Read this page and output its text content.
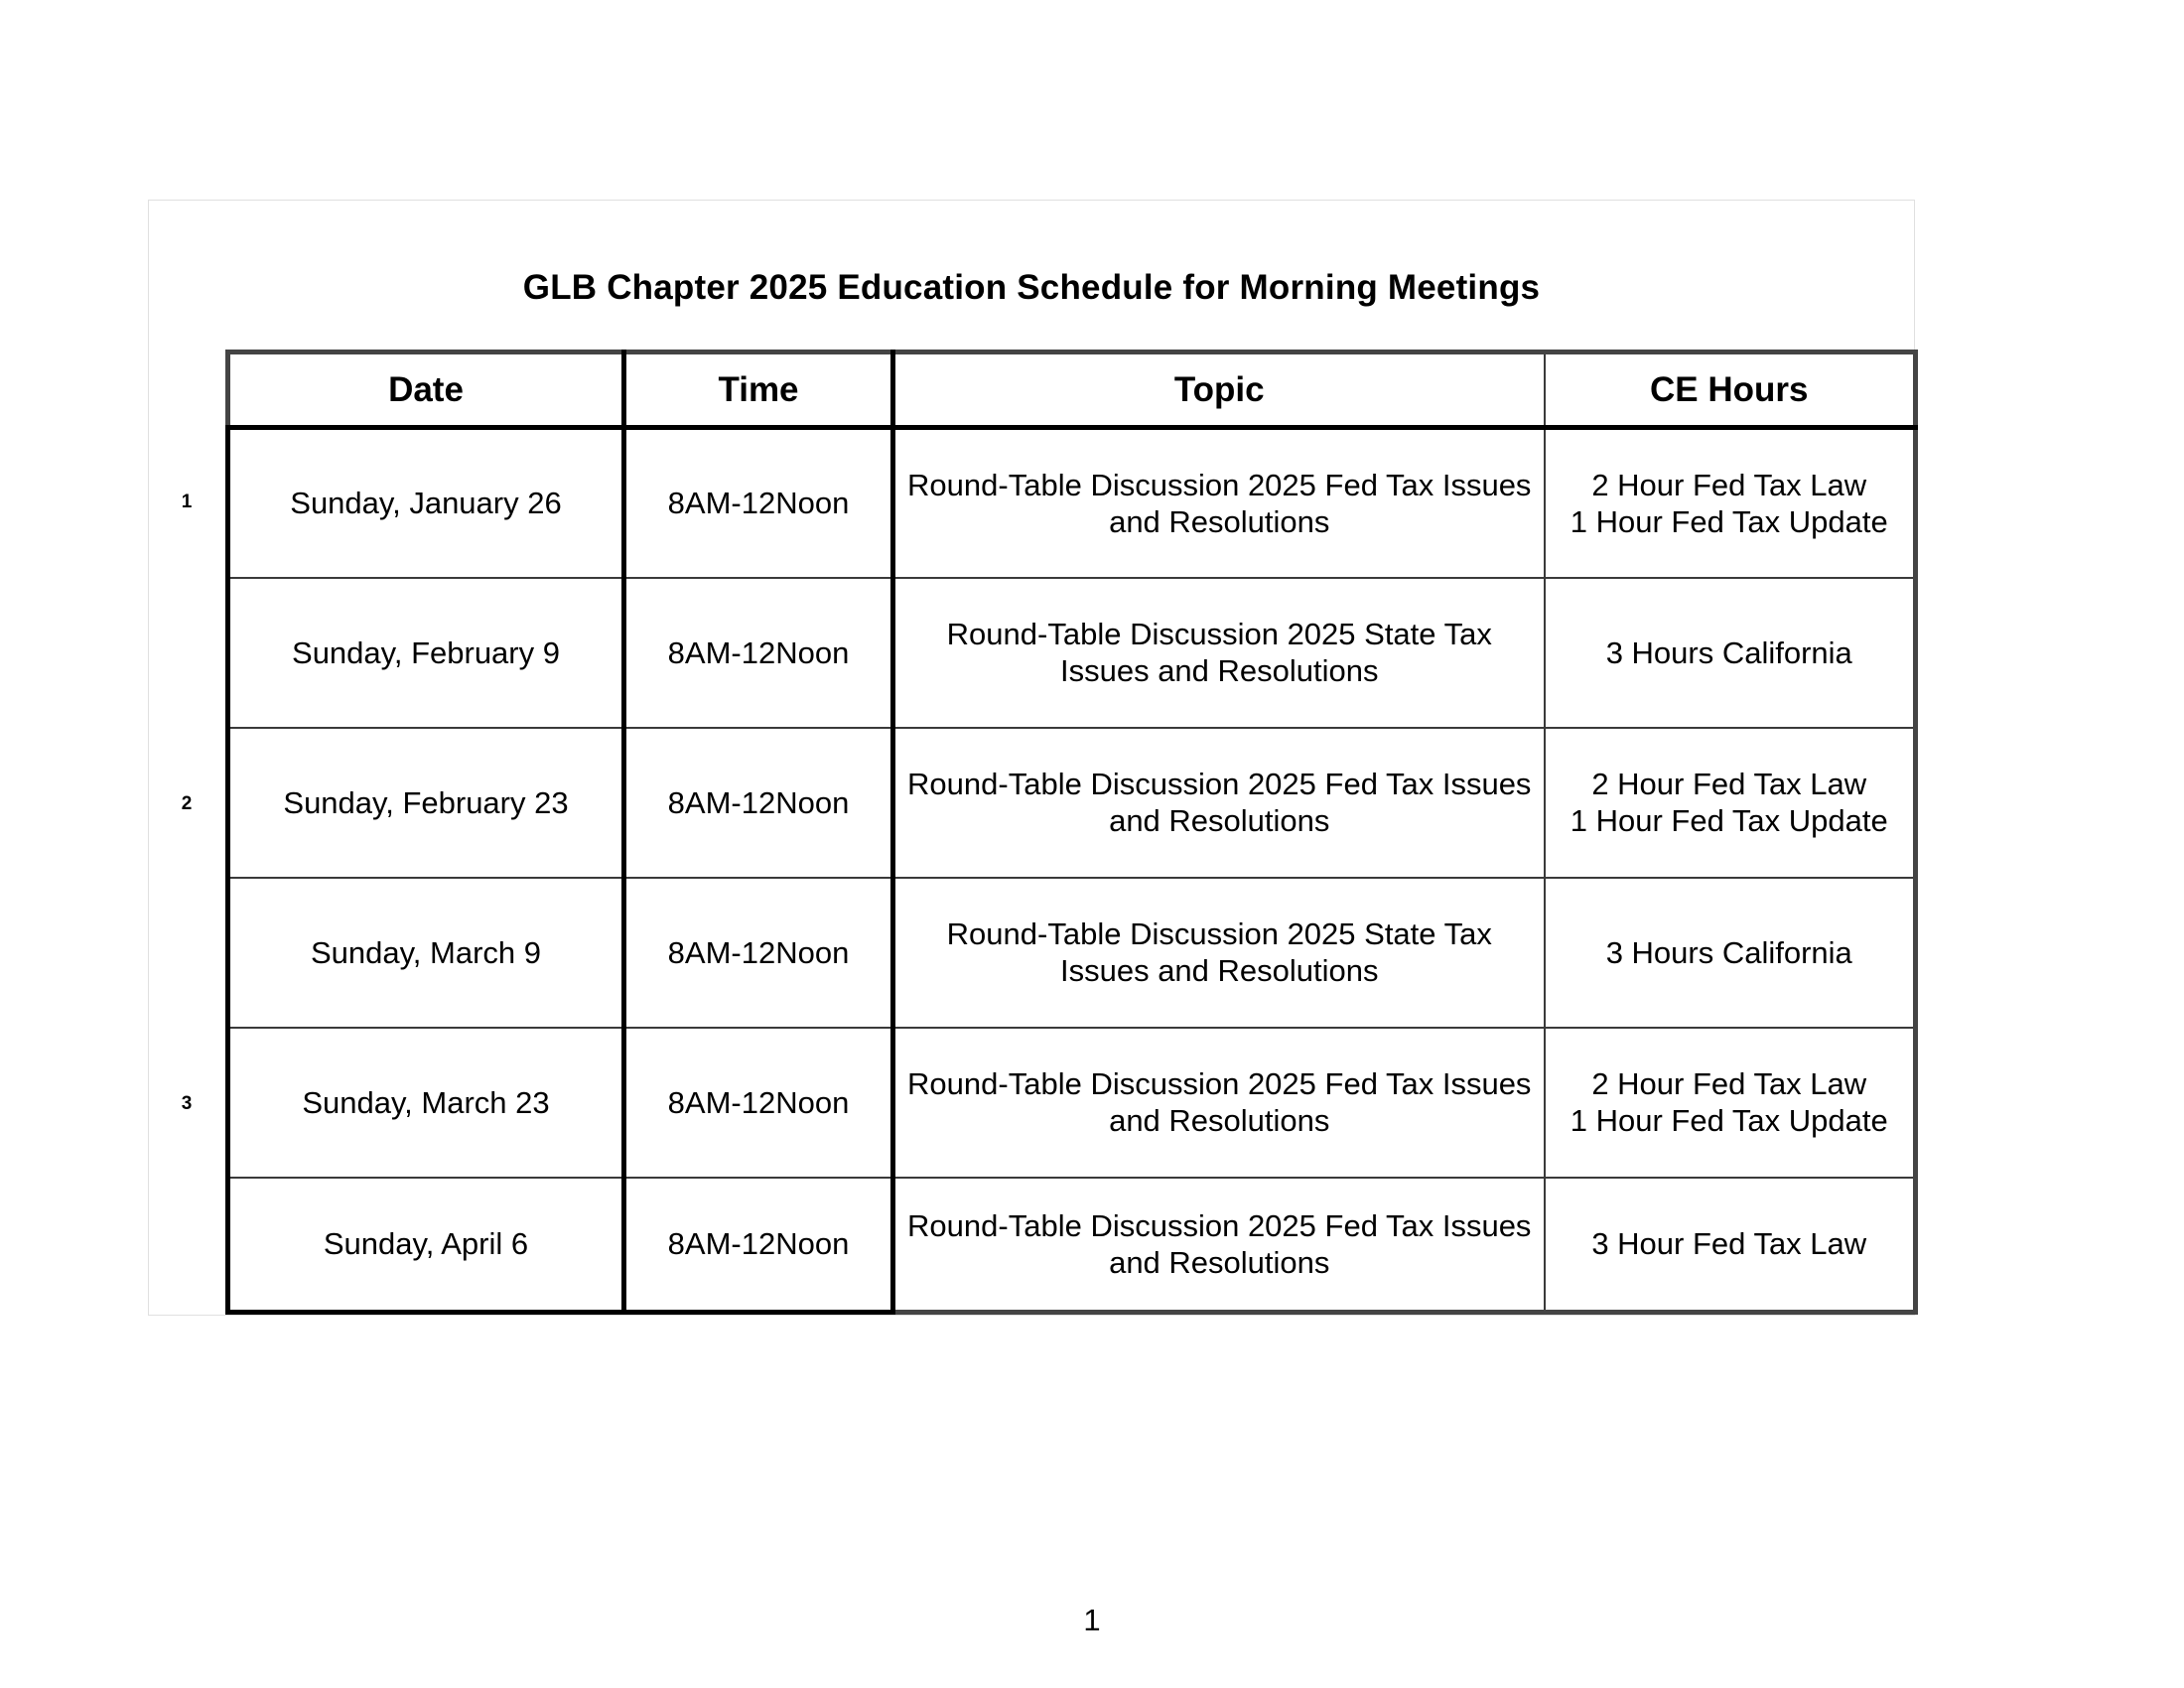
GLB Chapter 2025 Education Schedule for Morning Meetings
1
2
3
Date	Time	Topic	CE Hours
Sunday, January 26	8AM-12Noon	Round-Table Discussion 2025 Fed Tax Issues and Resolutions	2 Hour Fed Tax Law
1 Hour Fed Tax Update

Sunday, February 9	8AM-12Noon	Round-Table Discussion 2025 State Tax Issues and Resolutions	3 Hours California

Sunday, February 23	8AM-12Noon	Round-Table Discussion 2025 Fed Tax Issues and Resolutions	2 Hour Fed Tax Law
1 Hour Fed Tax Update

Sunday, March 9	8AM-12Noon	Round-Table Discussion 2025 State Tax Issues and Resolutions	3 Hours California

Sunday, March 23	8AM-12Noon	Round-Table Discussion 2025 Fed Tax Issues and Resolutions	2 Hour Fed Tax Law
1 Hour Fed Tax Update

Sunday, April 6	8AM-12Noon	Round-Table Discussion 2025 Fed Tax Issues and Resolutions	3 Hour Fed Tax Law
1
